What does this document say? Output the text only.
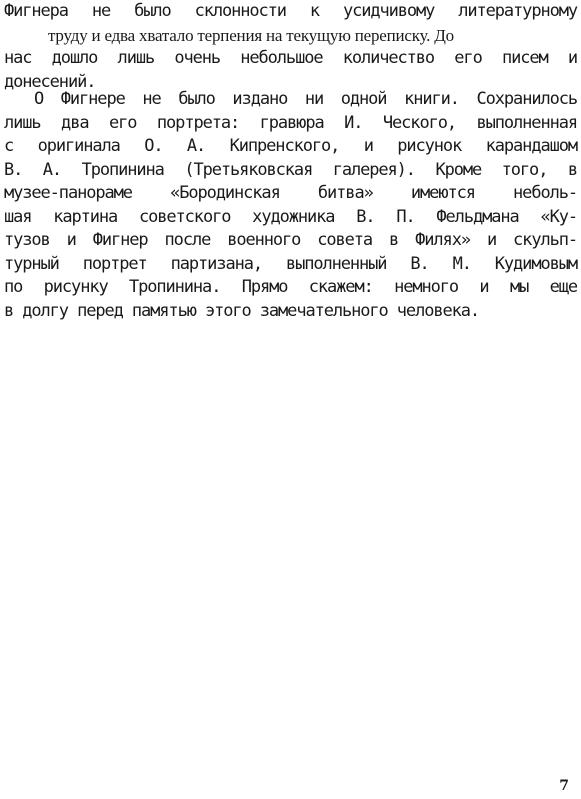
Фигнера не было склонности к усидчивому литературному
труду и едва хватало терпения на текущую переписку. До
нас дошло лишь очень небольшое количество его писем и
донесений.
О Фигнере не было издано ни одной книги. Сохранилось
лишь два его портрета: гравюра И. Ческого, выполненная
с оригинала О. А. Кипренского, и рисунок карандашом
В. А. Тропинина (Третьяковская галерея). Кроме того, в
музее-панораме «Бородинская битва» имеются неболь-
шая картина советского художника В. П. Фельдмана «Ку-
тузов и Фигнер после военного совета в Филях» и скульп-
турный портрет партизана, выполненный В. М. Кудимовым
по рисунку Тропинина. Прямо скажем: немного и мы еще
в долгу перед памятью этого замечательного человека.
7
